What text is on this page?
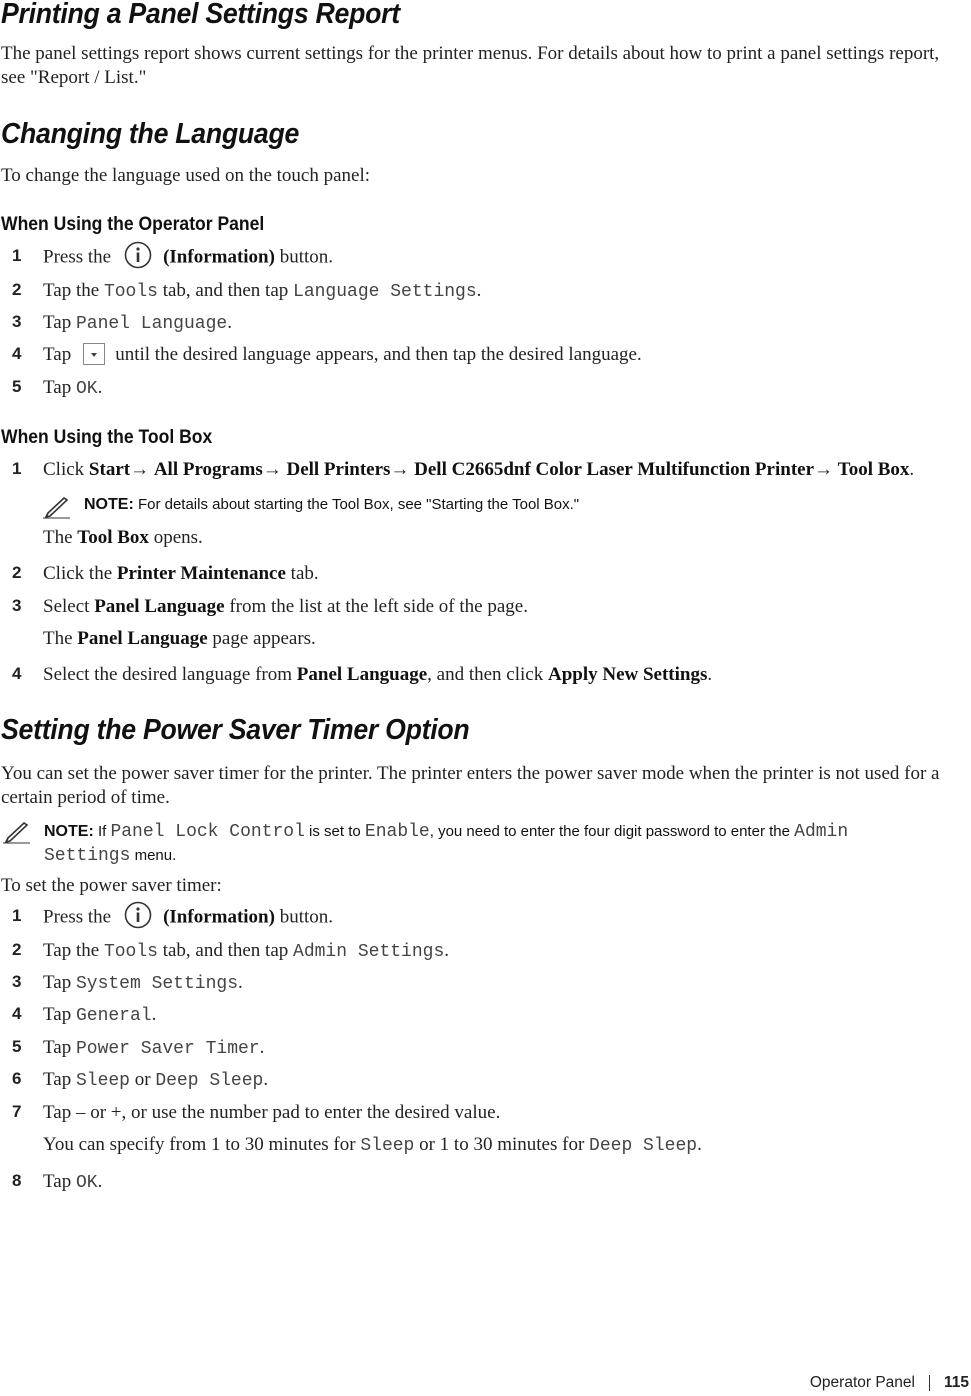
Printing a Panel Settings Report

The panel settings report shows current settings for the printer menus. For details about how to print a panel settings report, see "Report / List."

Changing the Language

To change the language used on the touch panel:

When Using the Operator Panel
1 Press the	(Information) button.
2 Tap the Tools tab, and then tap Language Settings.
3 Tap Panel Language.
4 Tap until the desired language appears, and then tap the desired language.
5 Tap OK.
When Using the Tool Box
1 Click Start→ All Programs→ Dell Printers→ Dell C2665dnf Color Laser Multifunction Printer→ Tool Box.
NOTE: For details about starting the Tool Box, see "Starting the Tool Box."
The Tool Box opens.
2 Click the Printer Maintenance tab.
3 Select Panel Language from the list at the left side of the page.
The Panel Language page appears.
4 Select the desired language from Panel Language, and then click Apply New Settings.
Setting the Power Saver Timer Option

You can set the power saver timer for the printer. The printer enters the power saver mode when the printer is not used for a certain period of time.

NOTE: If Panel Lock Control is set to Enable, you need to enter the four digit password to enter the Admin
Settings menu.

To set the power saver timer:

1 Press the	(Information) button.
2 Tap the Tools tab, and then tap Admin Settings.
3 Tap System Settings.
4 Tap General.
5 Tap Power Saver Timer.
6 Tap Sleep or Deep Sleep.
7 Tap – or +, or use the number pad to enter the desired value.
You can specify from 1 to 30 minutes for Sleep or 1 to 30 minutes for Deep Sleep.
8 Tap OK.
Operator Panel 115
